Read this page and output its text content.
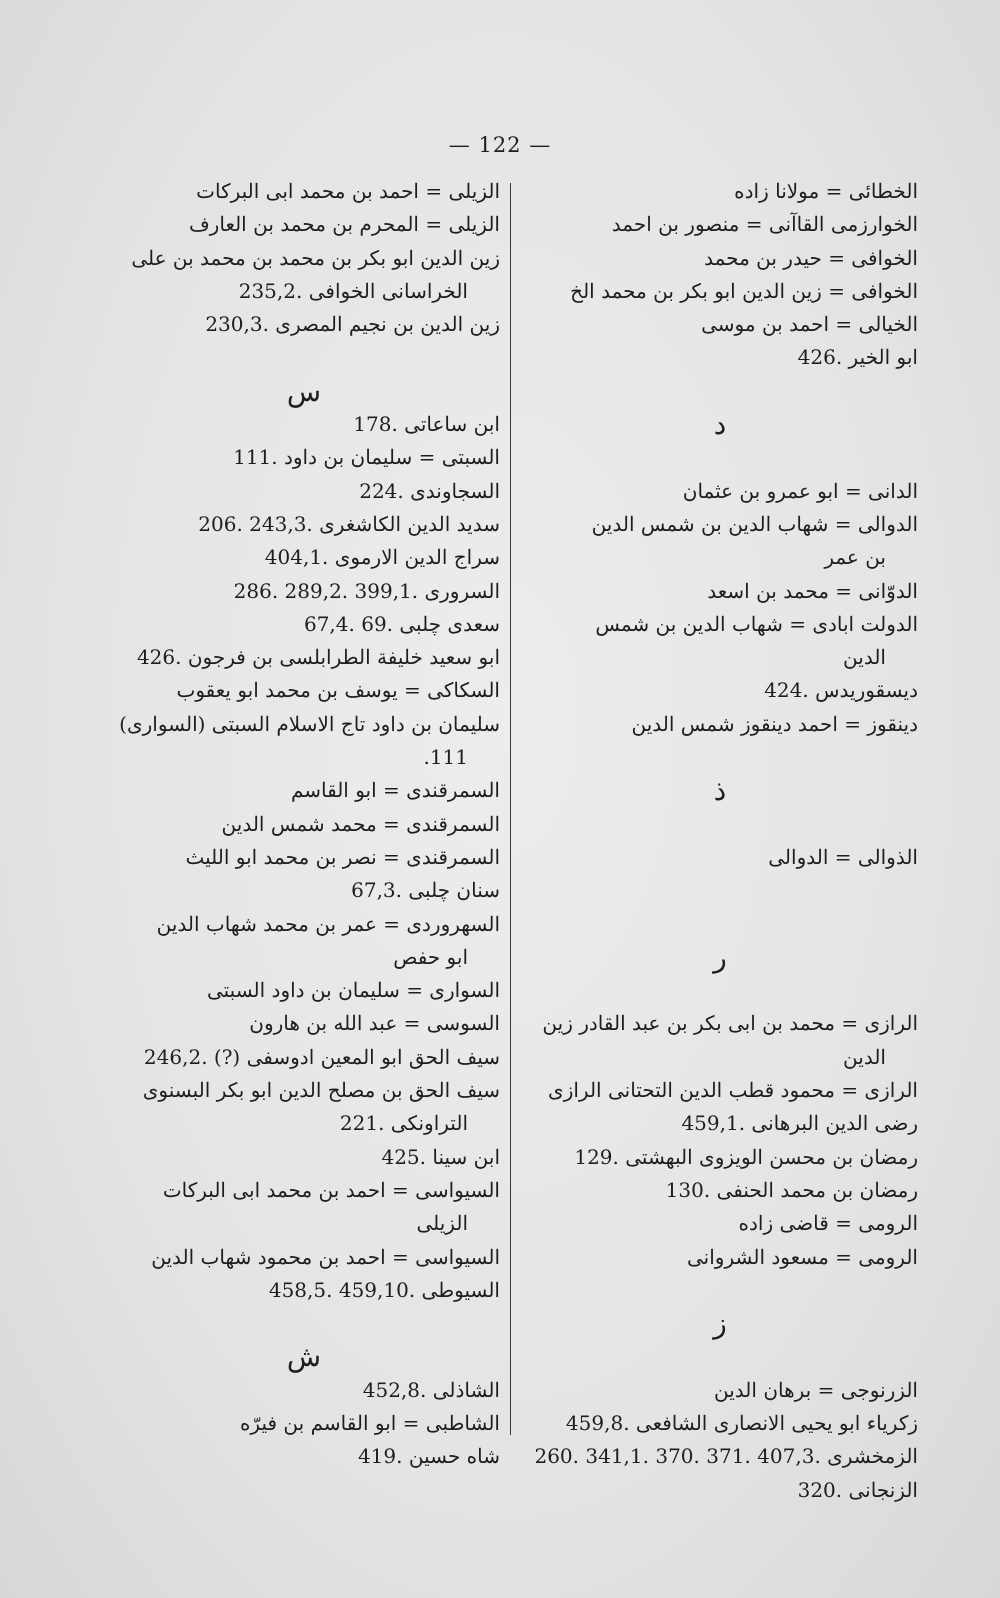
— 122 —
الخطائى = مولانا زاده
الخوارزمى القاآنى = منصور بن احمد
الخوافى = حيدر بن محمد
الخوافى = زين الدين ابو بكر بن محمد الخ
الخيالى = احمد بن موسى
ابو الخير .426
د
الدانى = ابو عمرو بن عثمان
الدوالى = شهاب الدين بن شمس الدين
بن عمر
الدوّانى = محمد بن اسعد
الدولت ابادى = شهاب الدين بن شمس
الدين
ديسقوريدس .424
دينقوز = احمد دينقوز شمس الدين
ذ
الذوالى = الدوالى
ر
الرازى = محمد بن ابى بكر بن عبد القادر زين
الدين
الرازى = محمود قطب الدين التحتانى الرازى
رضى الدين البرهانى .459,1
رمضان بن محسن الويزوى البهشتى .129
رمضان بن محمد الحنفى .130
الرومى = قاضى زاده
الرومى = مسعود الشروانى
ز
الزرنوجى = برهان الدين
زكرياء ابو يحيى الانصارى الشافعى .459,8
الزمخشرى .407,3 .371 .370 .341,1 .260
الزنجانى .320
الزيلى = احمد بن محمد ابى البركات
الزيلى = المحرم بن محمد بن العارف
زين الدين ابو بكر بن محمد بن محمد بن على
الخراسانى الخوافى .235,2
زين الدين بن نجيم المصرى .230,3
س
ابن ساعاتى .178
السبتى = سليمان بن داود .111
السجاوندى .224
سديد الدين الكاشغرى .243,3 .206
سراج الدين الارموى .404,1
السرورى .399,1 .289,2 .286
سعدى چلبى .69 .67,4
ابو سعيد خليفة الطرابلسى بن فرجون .426
السكاكى = يوسف بن محمد ابو يعقوب
سليمان بن داود تاج الاسلام السبتى (السوارى)
111.
السمرقندى = ابو القاسم
السمرقندى = محمد شمس الدين
السمرقندى = نصر بن محمد ابو الليث
سنان چلبى .67,3
السهروردى = عمر بن محمد شهاب الدين
ابو حفص
السوارى = سليمان بن داود السبتى
السوسى = عبد الله بن هارون
سيف الحق ابو المعين ادوسفى (?) .246,2
سيف الحق بن مصلح الدين ابو بكر البسنوى
التراونكى .221
ابن سينا .425
السيواسى = احمد بن محمد ابى البركات
الزيلى
السيواسى = احمد بن محمود شهاب الدين
السيوطى .459,10 .458,5
ش
الشاذلى .452,8
الشاطبى = ابو القاسم بن فيرّه
شاه حسين .419
